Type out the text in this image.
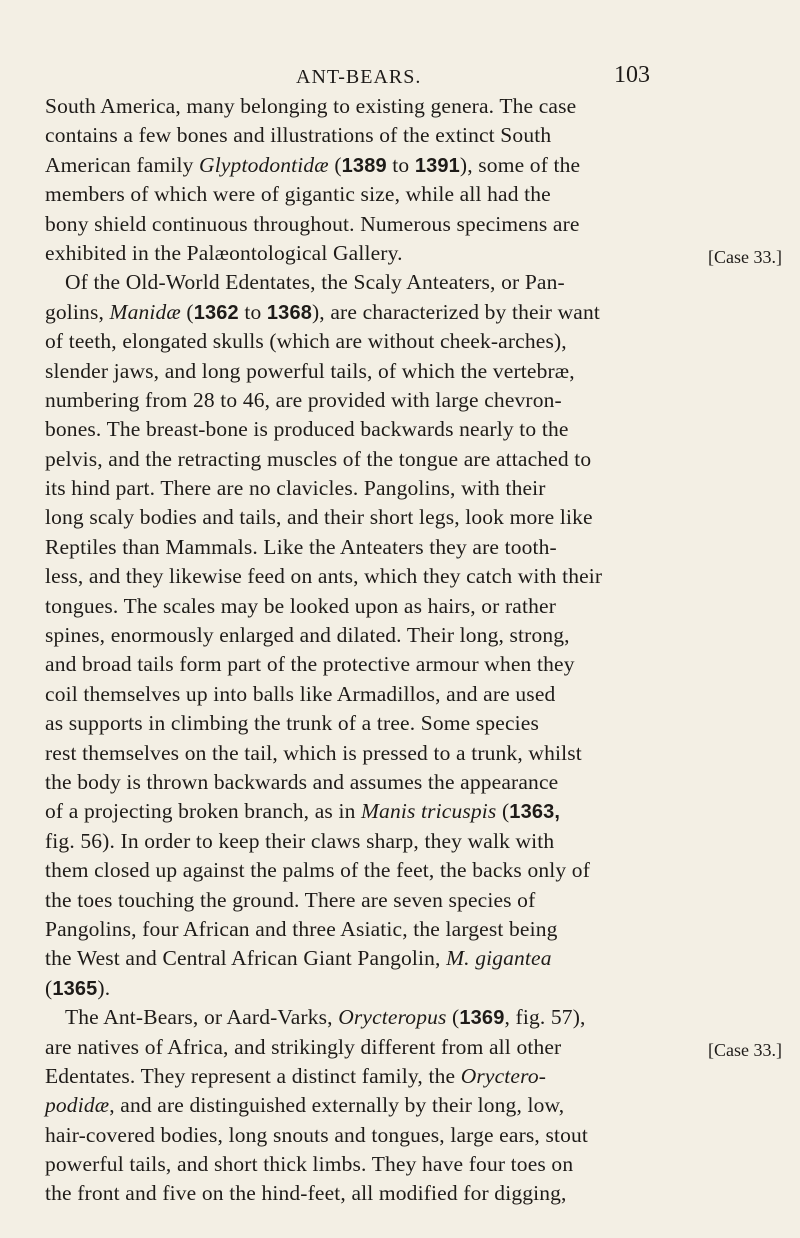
ANT-BEARS.	103
[Case 33.]
[Case 33.]
South America, many belonging to existing genera. The case
contains a few bones and illustrations of the extinct South
American family Glyptodontidæ (1389 to 1391), some of the
members of which were of gigantic size, while all had the
bony shield continuous throughout. Numerous specimens are
exhibited in the Palæontological Gallery.
Of the Old-World Edentates, the Scaly Anteaters, or Pan-
golins, Manidæ (1362 to 1368), are characterized by their want
of teeth, elongated skulls (which are without cheek-arches),
slender jaws, and long powerful tails, of which the vertebræ,
numbering from 28 to 46, are provided with large chevron-
bones. The breast-bone is produced backwards nearly to the
pelvis, and the retracting muscles of the tongue are attached to
its hind part. There are no clavicles. Pangolins, with their
long scaly bodies and tails, and their short legs, look more like
Reptiles than Mammals. Like the Anteaters they are tooth-
less, and they likewise feed on ants, which they catch with their
tongues. The scales may be looked upon as hairs, or rather
spines, enormously enlarged and dilated. Their long, strong,
and broad tails form part of the protective armour when they
coil themselves up into balls like Armadillos, and are used
as supports in climbing the trunk of a tree. Some species
rest themselves on the tail, which is pressed to a trunk, whilst
the body is thrown backwards and assumes the appearance
of a projecting broken branch, as in Manis tricuspis (1363,
fig. 56). In order to keep their claws sharp, they walk with
them closed up against the palms of the feet, the backs only of
the toes touching the ground. There are seven species of
Pangolins, four African and three Asiatic, the largest being
the West and Central African Giant Pangolin, M. gigantea
(1365).
The Ant-Bears, or Aard-Varks, Orycteropus (1369, fig. 57),
are natives of Africa, and strikingly different from all other
Edentates. They represent a distinct family, the Oryctero-
podidæ, and are distinguished externally by their long, low,
hair-covered bodies, long snouts and tongues, large ears, stout
powerful tails, and short thick limbs. They have four toes on
the front and five on the hind-feet, all modified for digging,
